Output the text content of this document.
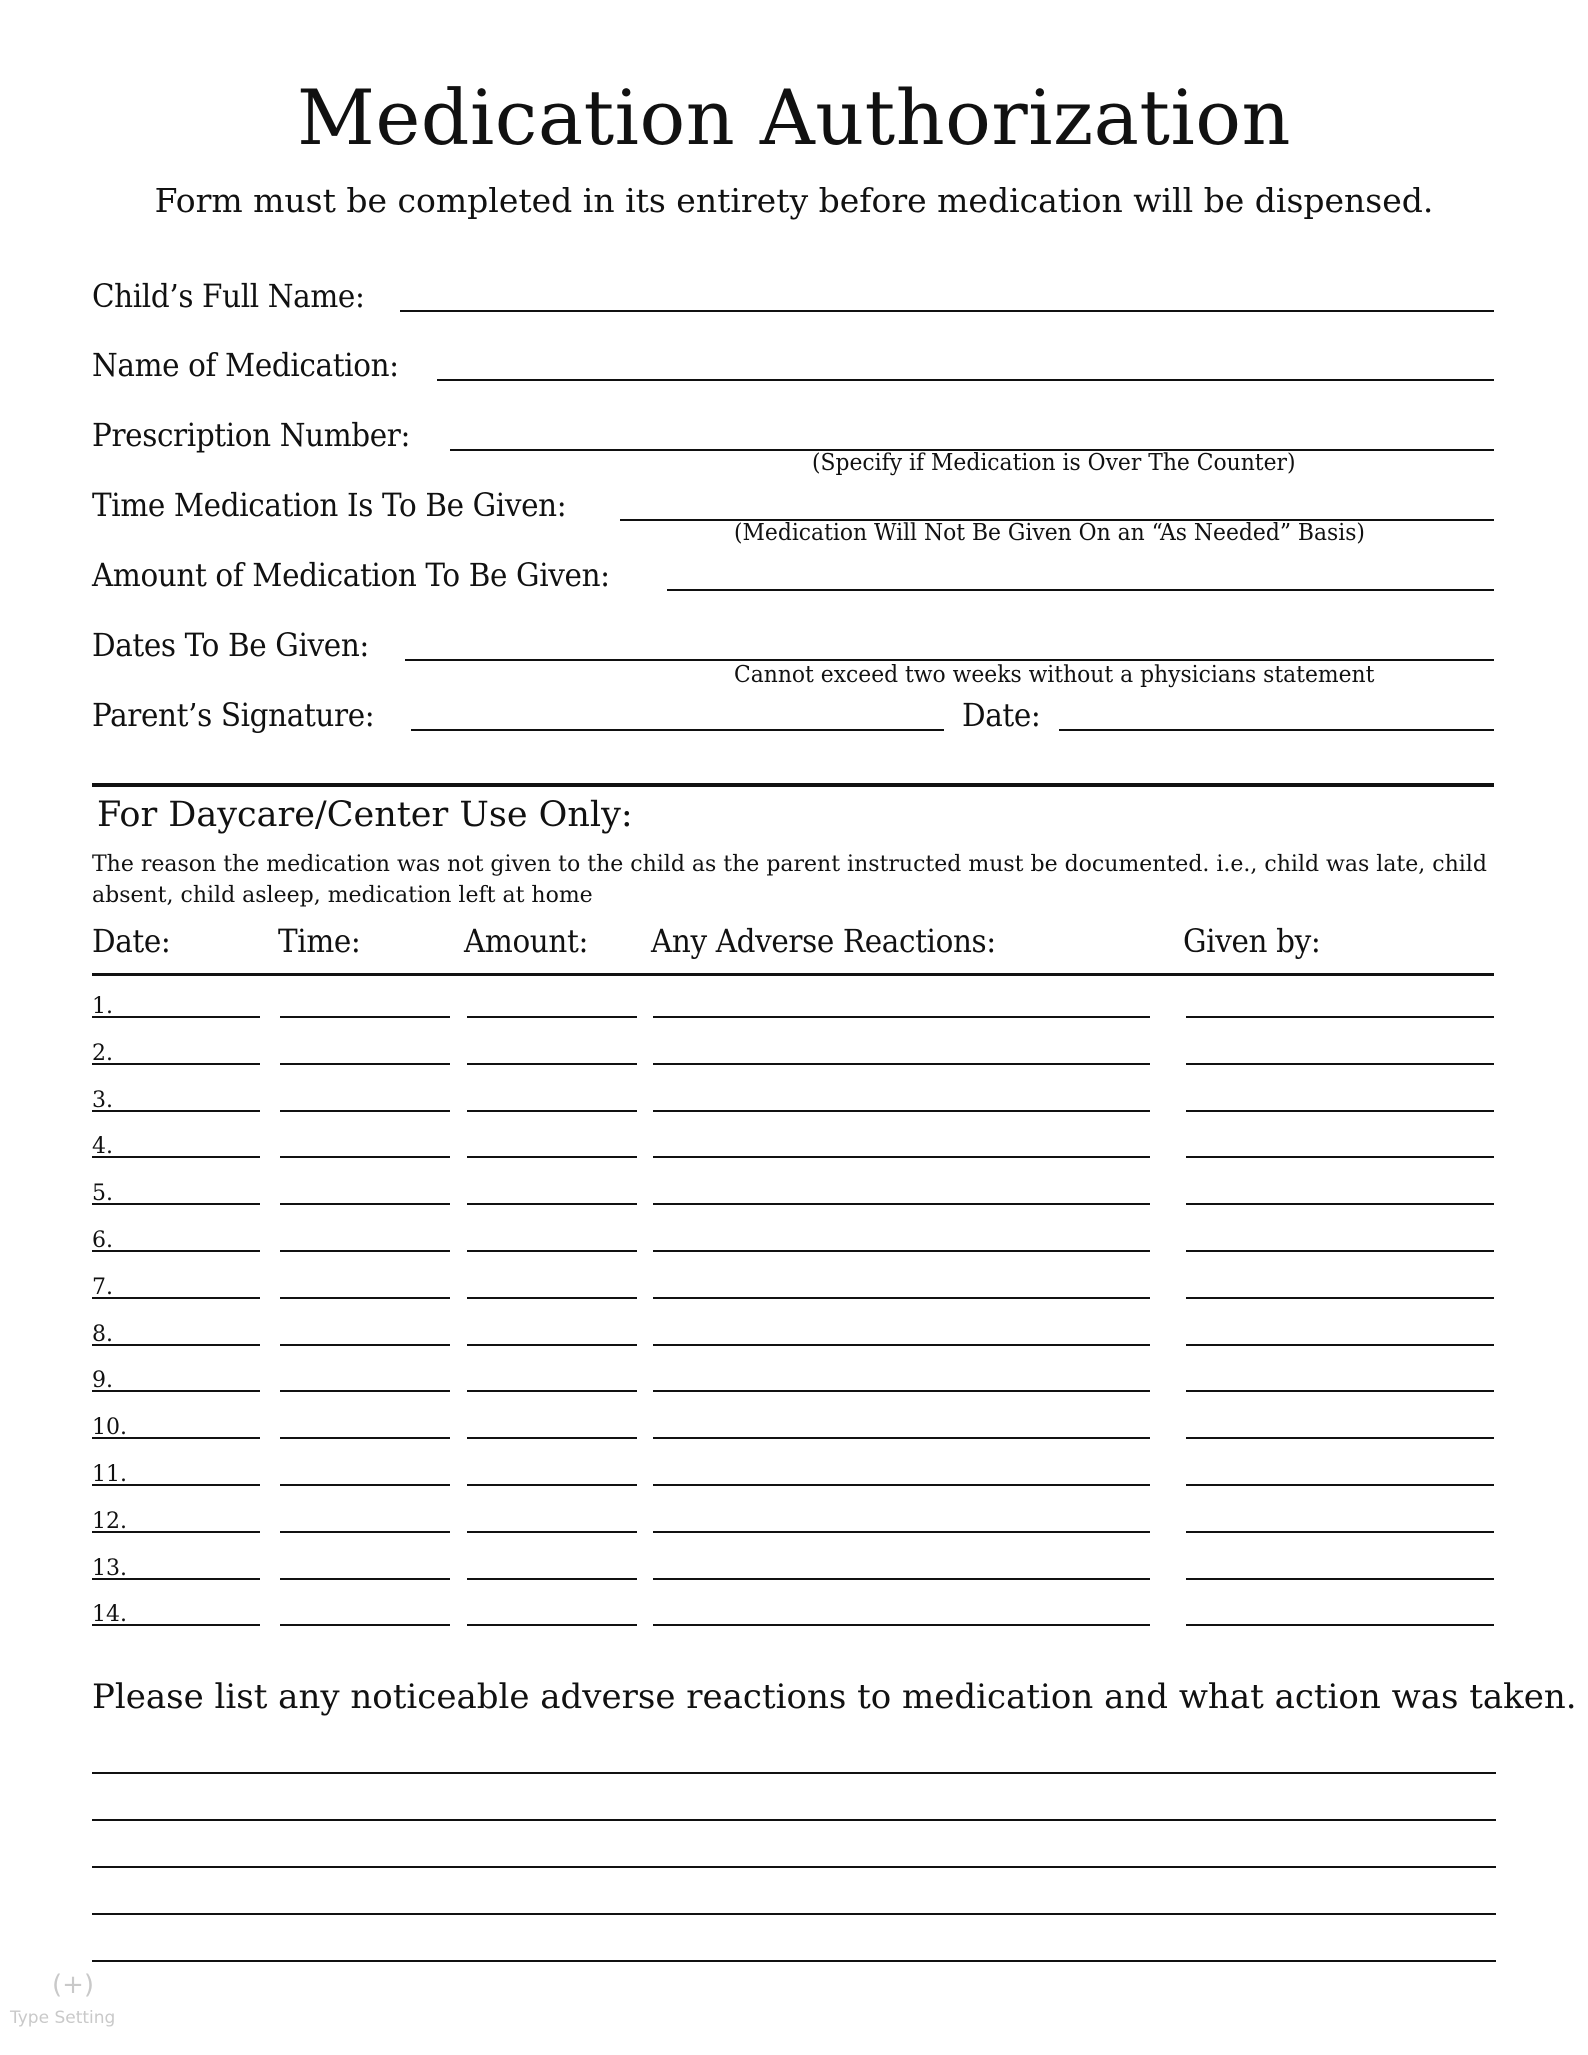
Medication Authorization
Form must be completed in its entirety before medication will be dispensed.
Child’s Full Name:
Name of Medication:
Prescription Number:
(Specify if Medication is Over The Counter)
Time Medication Is To Be Given:
(Medication Will Not Be Given On an “As Needed” Basis)
Amount of Medication To Be Given:
Dates To Be Given:
Cannot exceed two weeks without a physicians statement
Parent’s Signature:	Date:
For Daycare/Center Use Only:
The reason the medication was not given to the child as the parent instructed must be documented. i.e., child was late, child absent, child asleep, medication left at home
Date:	Time:	Amount: Any Adverse Reactions:	Given by:
1.
2.
3.
4.
5.
6.
7.
8.
9.
10.
11.
12.
13.
14.
Please list any noticeable adverse reactions to medication and what action was taken.
(+)
Type Setting
